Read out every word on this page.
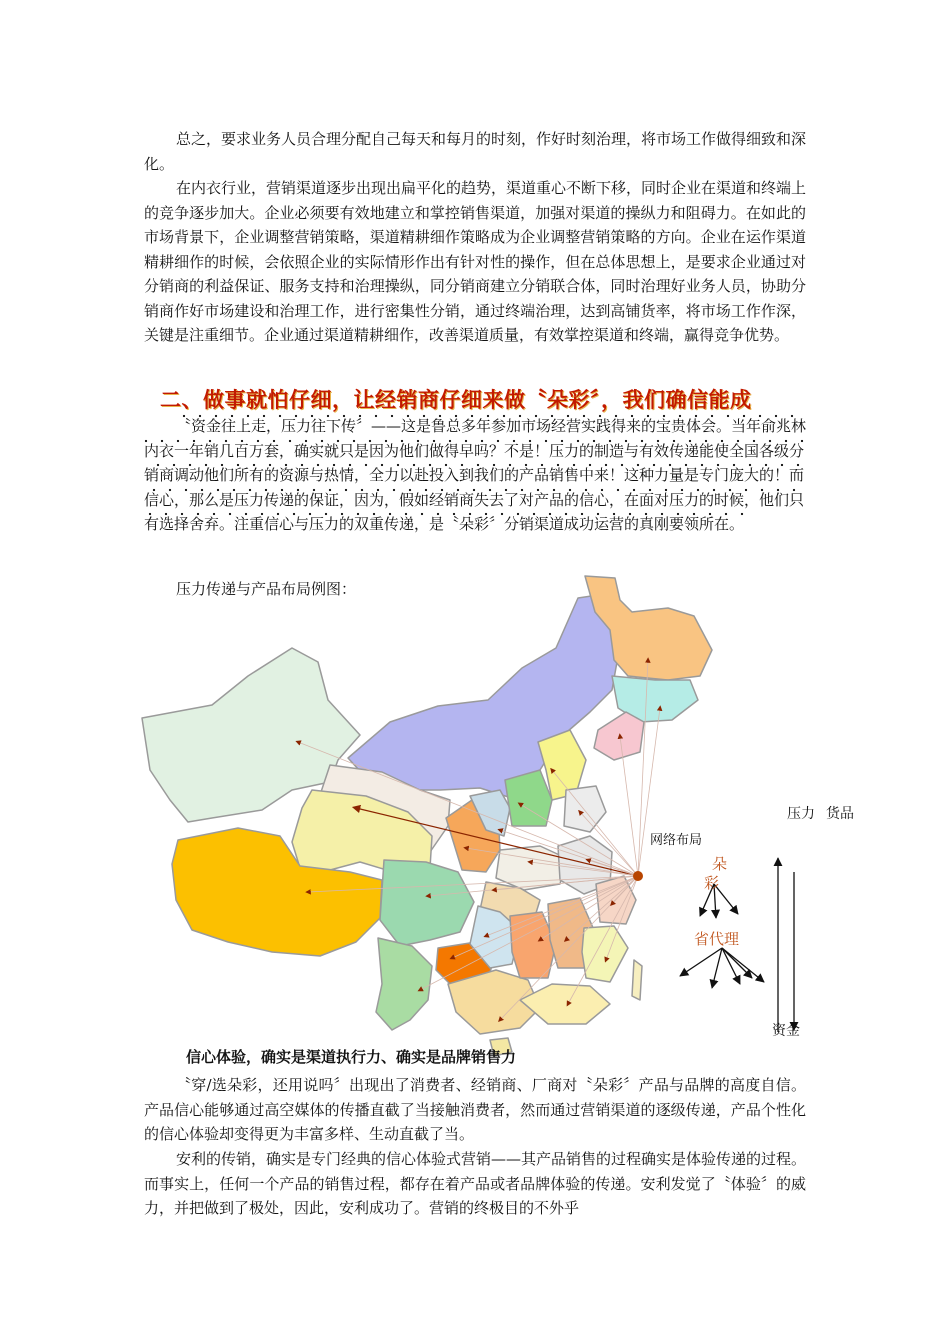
总之，要求业务人员合理分配自己每天和每月的时刻，作好时刻治理，将市场工作做得细致和深化。

在内衣行业，营销渠道逐步出现出扁平化的趋势，渠道重心不断下移，同时企业在渠道和终端上的竞争逐步加大。企业必须要有效地建立和掌控销售渠道，加强对渠道的操纵力和阻碍力。在如此的市场背景下，企业调整营销策略，渠道精耕细作策略成为企业调整营销策略的方向。企业在运作渠道精耕细作的时候，会依照企业的实际情形作出有针对性的操作，但在总体思想上，是要求企业通过对分销商的利益保证、服务支持和治理操纵，同分销商建立分销联合体，同时治理好业务人员，协助分销商作好市场建设和治理工作，进行密集性分销，通过终端治理，达到高铺货率，将市场工作作深，关键是注重细节。企业通过渠道精耕细作，改善渠道质量，有效掌控渠道和终端，赢得竞争优势。

二、做事就怕仔细，让经销商仔细来做〝朵彩〞，我们确信能成

〝资金往上走，压力往下传〞——这是鲁总多年参加市场经营实践得来的宝贵体会。当年俞兆林内衣一年销几百万套，确实就只是因为他们做得早吗？不是！压力的制造与有效传递能使全国各级分销商调动他们所有的资源与热情，全力以赴投入到我们的产品销售中来！这种力量是专门庞大的！而信心，那么是压力传递的保证，因为，假如经销商失去了对产品的信心，在面对压力的时候，他们只有选择舍弃。注重信心与压力的双重传递，是〝朵彩〞分销渠道成功运营的真刚要领所在。

压力传递与产品布局例图：
网络布局
朵
彩
省代理
压力 货品
资金
信心体验，确实是渠道执行力、确实是品牌销售力

〝穿/选朵彩，还用说吗〞出现出了消费者、经销商、厂商对〝朵彩〞产品与品牌的高度自信。产品信心能够通过高空媒体的传播直截了当接触消费者，然而通过营销渠道的逐级传递，产品个性化的信心体验却变得更为丰富多样、生动直截了当。

安利的传销，确实是专门经典的信心体验式营销——其产品销售的过程确实是体验传递的过程。而事实上，任何一个产品的销售过程，都存在着产品或者品牌体验的传递。安利发觉了〝体验〞的威力，并把做到了极处，因此，安利成功了。营销的终极目的不外乎
